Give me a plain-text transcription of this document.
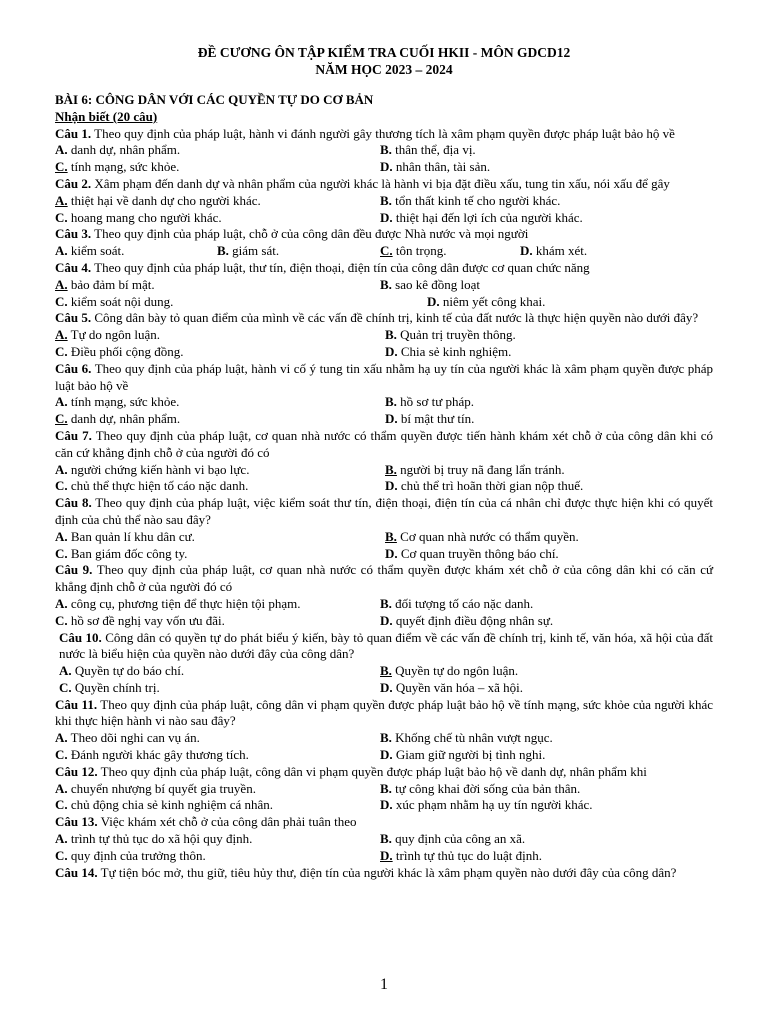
ĐỀ CƯƠNG ÔN TẬP KIỂM TRA CUỐI HKII - MÔN GDCD12
NĂM HỌC 2023 – 2024
BÀI 6: CÔNG DÂN VỚI CÁC QUYỀN TỰ DO CƠ BẢN
Nhận biết (20 câu)
Câu 1. Theo quy định của pháp luật, hành vi đánh người gây thương tích là xâm phạm quyền được pháp luật bảo hộ về
A. danh dự, nhân phẩm.	B. thân thể, địa vị.
C. tính mạng, sức khỏe.	D. nhân thân, tài sản.
Câu 2. Xâm phạm đến danh dự và nhân phẩm của người khác là hành vi bịa đặt điều xấu, tung tin xấu, nói xấu để gây
A. thiệt hại về danh dự cho người khác.	B. tổn thất kinh tế cho người khác.
C. hoang mang cho người khác.	D. thiệt hại đến lợi ích của người khác.
Câu 3. Theo quy định của pháp luật, chỗ ở của công dân đều được Nhà nước và mọi người
A. kiểm soát.	B. giám sát.	C. tôn trọng.	D. khám xét.
Câu 4. Theo quy định của pháp luật, thư tín, điện thoại, điện tín của công dân được cơ quan chức năng
A. bảo đảm bí mật.	B. sao kê đồng loạt
C. kiểm soát nội dung.	D. niêm yết công khai.
Câu 5. Công dân bày tỏ quan điểm của mình về các vấn đề chính trị, kinh tế của đất nước là thực hiện quyền nào dưới đây?
A. Tự do ngôn luận.	B. Quản trị truyền thông.
C. Điều phối cộng đồng.	D. Chia sẻ kinh nghiệm.
Câu 6. Theo quy định của pháp luật, hành vi cố ý tung tin xấu nhằm hạ uy tín của người khác là xâm phạm quyền được pháp luật bảo hộ về
A. tính mạng, sức khỏe.	B. hồ sơ tư pháp.
C. danh dự, nhân phẩm.	D. bí mật thư tín.
Câu 7. Theo quy định của pháp luật, cơ quan nhà nước có thẩm quyền được tiến hành khám xét chỗ ở của công dân khi có căn cứ khẳng định chỗ ở của người đó có
A. người chứng kiến hành vi bạo lực.	B. người bị truy nã đang lẩn tránh.
C. chủ thể thực hiện tố cáo nặc danh.	D. chủ thể trì hoãn thời gian nộp thuế.
Câu 8. Theo quy định của pháp luật, việc kiểm soát thư tín, điện thoại, điện tín của cá nhân chỉ được thực hiện khi có quyết định của chủ thể nào sau đây?
A. Ban quản lí khu dân cư.	B. Cơ quan nhà nước có thẩm quyền.
C. Ban giám đốc công ty.	D. Cơ quan truyền thông báo chí.
Câu 9. Theo quy định của pháp luật, cơ quan nhà nước có thẩm quyền được khám xét chỗ ở của công dân khi có căn cứ khẳng định chỗ ở của người đó có
A. công cụ, phương tiện để thực hiện tội phạm.	B. đối tượng tố cáo nặc danh.
C. hồ sơ đề nghị vay vốn ưu đãi.	D. quyết định điều động nhân sự.
Câu 10. Công dân có quyền tự do phát biểu ý kiến, bày tỏ quan điểm về các vấn đề chính trị, kinh tế, văn hóa, xã hội của đất nước là biểu hiện của quyền nào dưới đây của công dân?
A. Quyền tự do báo chí.	B. Quyền tự do ngôn luận.
C. Quyền chính trị.	D. Quyền văn hóa – xã hội.
Câu 11. Theo quy định của pháp luật, công dân vi phạm quyền được pháp luật bảo hộ về tính mạng, sức khỏe của người khác khi thực hiện hành vi nào sau đây?
A. Theo dõi nghi can vụ án.	B. Khống chế tù nhân vượt ngục.
C. Đánh người khác gây thương tích.	D. Giam giữ người bị tình nghi.
Câu 12. Theo quy định của pháp luật, công dân vi phạm quyền được pháp luật bảo hộ về danh dự, nhân phẩm khi
A. chuyển nhượng bí quyết gia truyền.	B. tự công khai đời sống của bản thân.
C. chủ động chia sẻ kinh nghiệm cá nhân.	D. xúc phạm nhằm hạ uy tín người khác.
Câu 13. Việc khám xét chỗ ở của công dân phải tuân theo
A. trình tự thủ tục do xã hội quy định.	B. quy định của công an xã.
C. quy định của trưởng thôn.	D. trình tự thủ tục do luật định.
Câu 14. Tự tiện bóc mở, thu giữ, tiêu hủy thư, điện tín của người khác là xâm phạm quyền nào dưới đây của công dân?
1
